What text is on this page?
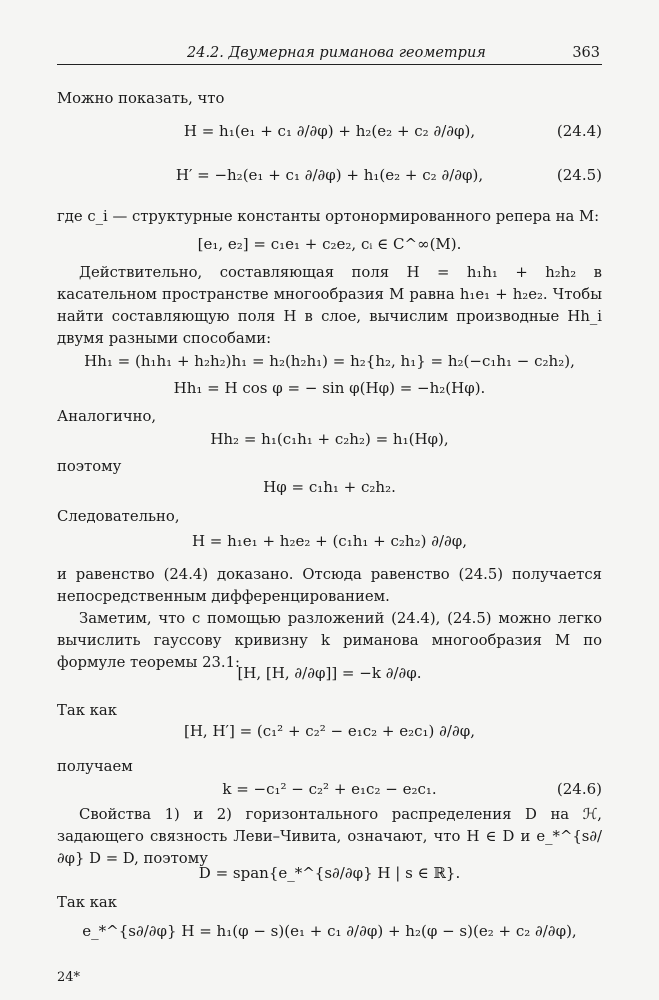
24.2. Двумерная риманова геометрия	363
Можно показать, что
H = h₁(e₁ + c₁ ∂/∂φ) + h₂(e₂ + c₂ ∂/∂φ),	(24.4)
H′ = −h₂(e₁ + c₁ ∂/∂φ) + h₁(e₂ + c₂ ∂/∂φ),	(24.5)
где c_i — структурные константы ортонормированного репера на M:
[e₁, e₂] = c₁e₁ + c₂e₂, cᵢ ∈ C^∞(M).
Действительно, составляющая поля H = h₁h₁ + h₂h₂ в касательном пространстве многообразия M равна h₁e₁ + h₂e₂. Чтобы найти составляющую поля H в слое, вычислим производные Hh_i двумя разными способами:
Hh₁ = (h₁h₁ + h₂h₂)h₁ = h₂(h₂h₁) = h₂{h₂, h₁} = h₂(−c₁h₁ − c₂h₂),
Hh₁ = H cos φ = − sin φ(Hφ) = −h₂(Hφ).
Аналогично,
Hh₂ = h₁(c₁h₁ + c₂h₂) = h₁(Hφ),
поэтому
Hφ = c₁h₁ + c₂h₂.
Следовательно,
H = h₁e₁ + h₂e₂ + (c₁h₁ + c₂h₂) ∂/∂φ,
и равенство (24.4) доказано. Отсюда равенство (24.5) получается непосредственным дифференцированием.
Заметим, что с помощью разложений (24.4), (24.5) можно легко вычислить гауссову кривизну k риманова многообразия M по формуле теоремы 23.1:
[H, [H, ∂/∂φ]] = −k ∂/∂φ.
Так как
[H, H′] = (c₁² + c₂² − e₁c₂ + e₂c₁) ∂/∂φ,
получаем
k = −c₁² − c₂² + e₁c₂ − e₂c₁.	(24.6)
Свойства 1) и 2) горизонтального распределения D на ℋ, задающего связность Леви–Чивита, означают, что H ∈ D и e_*^{s∂/∂φ} D = D, поэтому
D = span{e_*^{s∂/∂φ} H | s ∈ ℝ}.
Так как
e_*^{s∂/∂φ} H = h₁(φ − s)(e₁ + c₁ ∂/∂φ) + h₂(φ − s)(e₂ + c₂ ∂/∂φ),
24*
